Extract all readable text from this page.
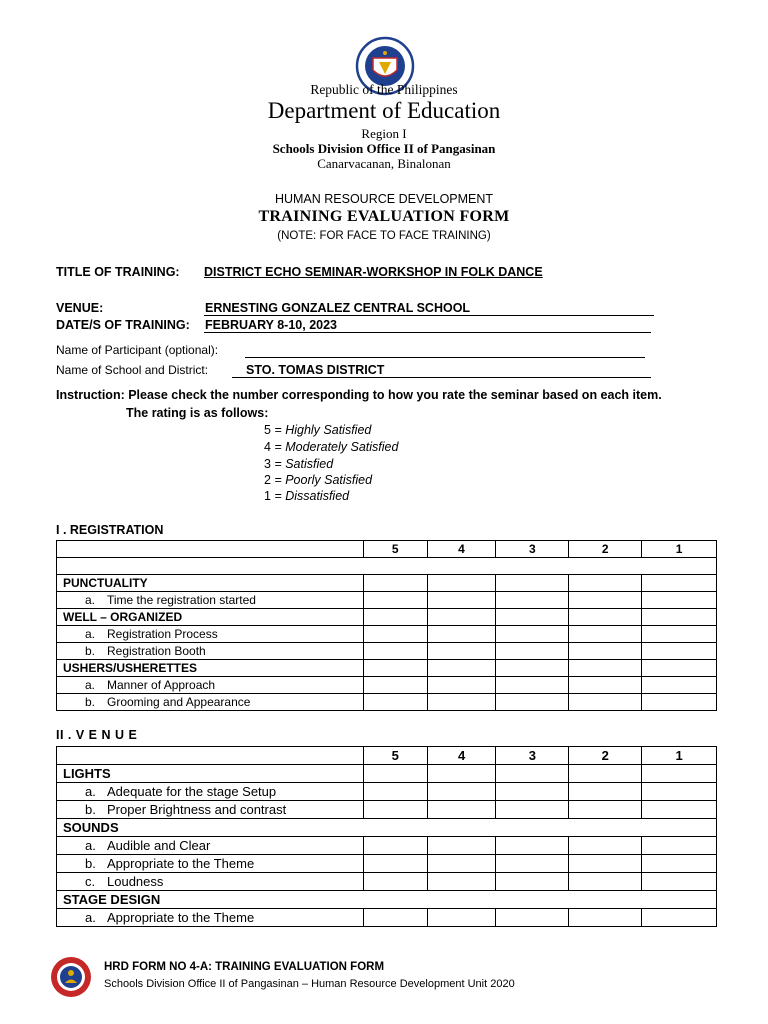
Republic of the Philippines
Department of Education
Region I
Schools Division Office II of Pangasinan
Canarvacanan, Binalonan
HUMAN RESOURCE DEVELOPMENT
TRAINING EVALUATION FORM
(NOTE: FOR FACE TO FACE TRAINING)
TITLE OF TRAINING: DISTRICT ECHO SEMINAR-WORKSHOP IN FOLK DANCE
VENUE:	ERNESTING GONZALEZ CENTRAL SCHOOL
DATE/S OF TRAINING: FEBRUARY 8-10, 2023
Name of Participant (optional):
Name of School and District:	STO. TOMAS DISTRICT
Instruction: Please check the number corresponding to how you rate the seminar based on each item.
The rating is as follows:
5 = Highly Satisfied
4 = Moderately Satisfied
3 = Satisfied
2 = Poorly Satisfied
1 = Dissatisfied
I . REGISTRATION
	5	4	3	2	1

PUNCTUALITY					
a. Time the registration started					
WELL – ORGANIZED					
a. Registration Process					
b. Registration Booth					
USHERS/USHERETTES					
a. Manner of Approach					
b. Grooming and Appearance					
II . V E N U E
	5	4	3	2	1
LIGHTS					
a. Adequate for the stage Setup					
b. Proper Brightness and contrast					
SOUNDS					
a. Audible and Clear					
b. Appropriate to the Theme					
c. Loudness					
STAGE DESIGN					
a. Appropriate to the Theme					
HRD FORM NO 4-A: TRAINING EVALUATION FORM
Schools Division Office II of Pangasinan – Human Resource Development Unit 2020
